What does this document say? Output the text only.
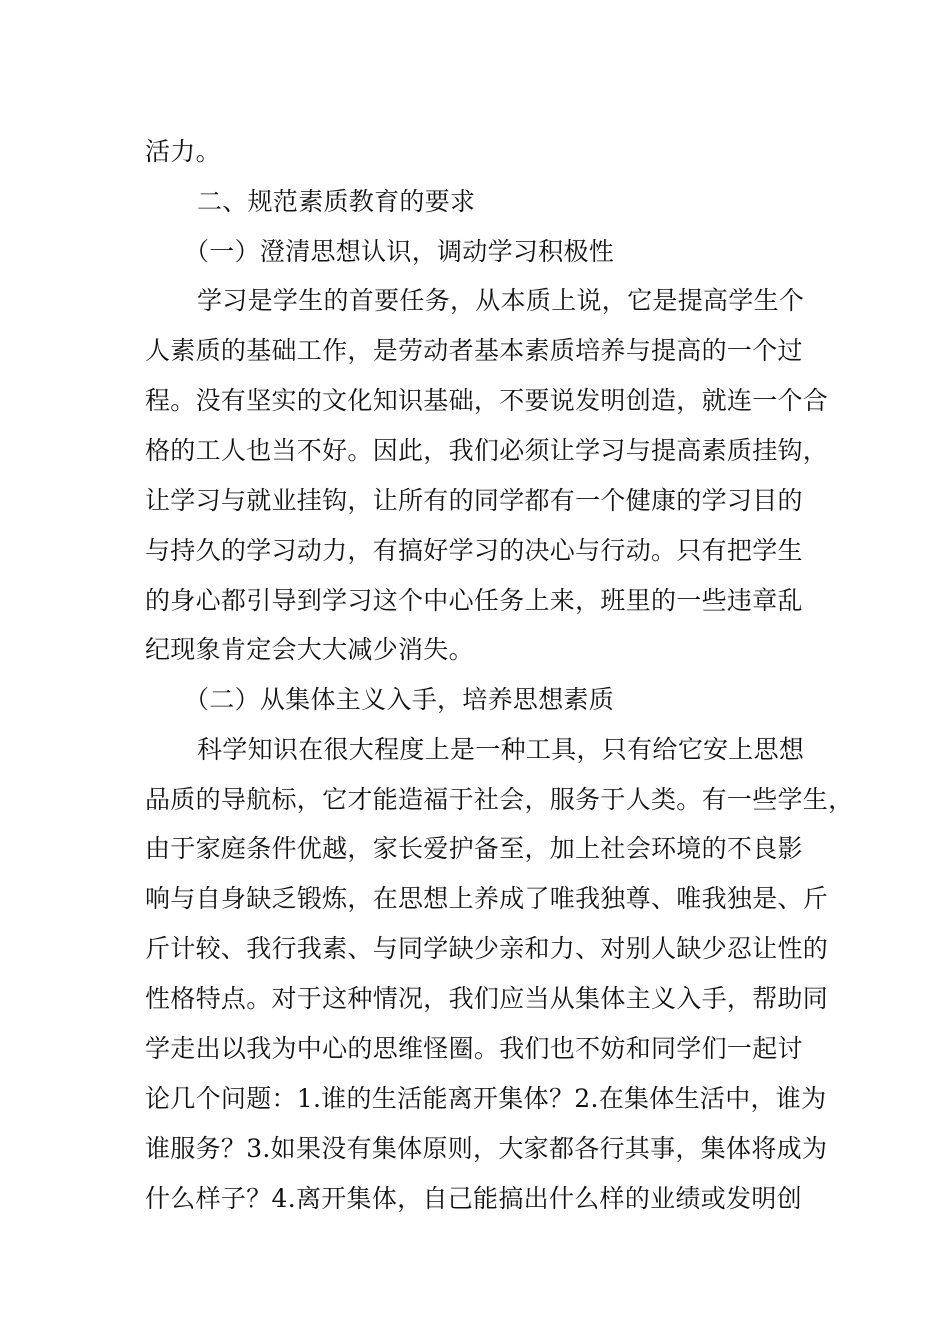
活力。
二、规范素质教育的要求
（一）澄清思想认识，调动学习积极性
学习是学生的首要任务，从本质上说，它是提高学生个
人素质的基础工作，是劳动者基本素质培养与提高的一个过
程。没有坚实的文化知识基础，不要说发明创造，就连一个合
格的工人也当不好。因此，我们必须让学习与提高素质挂钩，
让学习与就业挂钩，让所有的同学都有一个健康的学习目的
与持久的学习动力，有搞好学习的决心与行动。只有把学生
的身心都引导到学习这个中心任务上来，班里的一些违章乱
纪现象肯定会大大减少消失。
（二）从集体主义入手，培养思想素质
科学知识在很大程度上是一种工具，只有给它安上思想
品质的导航标，它才能造福于社会，服务于人类。有一些学生，
由于家庭条件优越，家长爱护备至，加上社会环境的不良影
响与自身缺乏锻炼，在思想上养成了唯我独尊、唯我独是、斤
斤计较、我行我素、与同学缺少亲和力、对别人缺少忍让性的
性格特点。对于这种情况，我们应当从集体主义入手，帮助同
学走出以我为中心的思维怪圈。我们也不妨和同学们一起讨
论几个问题：1.谁的生活能离开集体？2.在集体生活中，谁为
谁服务？3.如果没有集体原则，大家都各行其事，集体将成为
什么样子？4.离开集体，自己能搞出什么样的业绩或发明创
